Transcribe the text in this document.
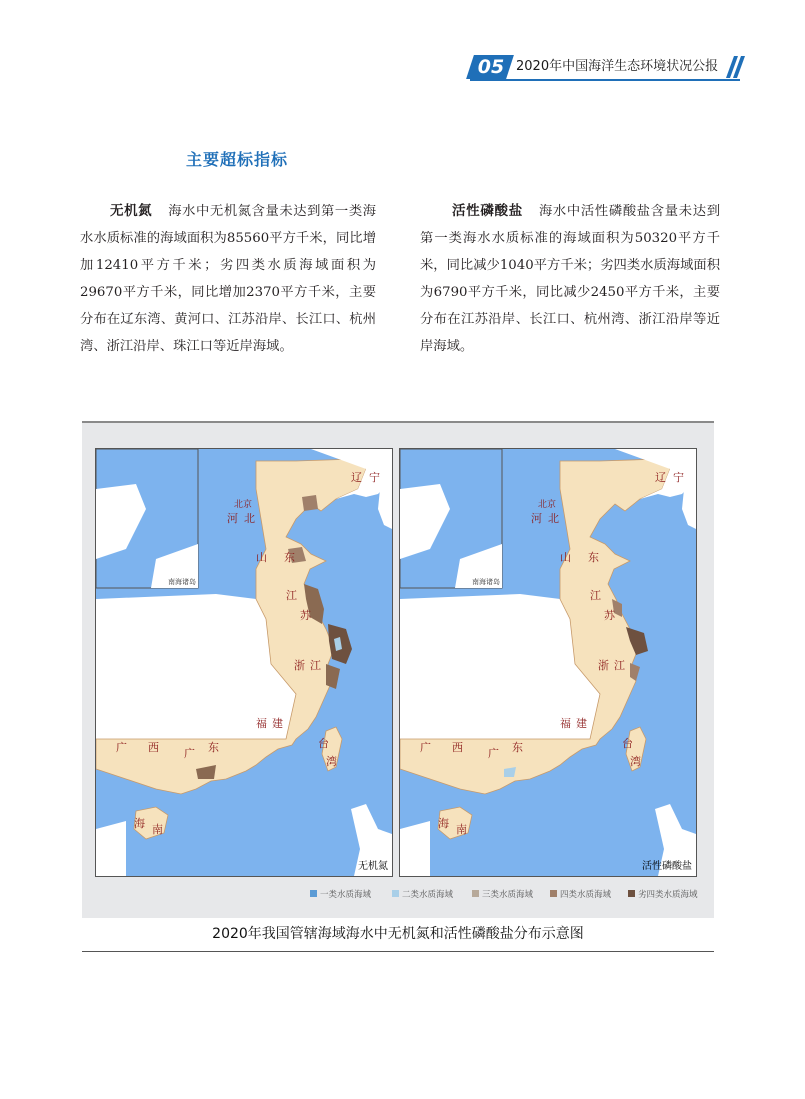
05 2020年中国海洋生态环境状况公报
主要超标指标
无机氮 海水中无机氮含量未达到第一类海水水质标准的海域面积为85560平方千米，同比增加12410平方千米；劣四类水质海域面积为29670平方千米，同比增加2370平方千米，主要分布在辽东湾、黄河口、江苏沿岸、长江口、杭州湾、浙江沿岸、珠江口等近岸海域。
活性磷酸盐 海水中活性磷酸盐含量未达到第一类海水水质标准的海域面积为50320平方千米，同比减少1040平方千米；劣四类水质海域面积为6790平方千米，同比减少2450平方千米，主要分布在江苏沿岸、长江口、杭州湾、浙江沿岸等近岸海域。
南海诸岛
辽 宁
北京
河 北
山 东
江
苏
浙 江
福 建
广 西 广 东	台
湾
海 南
无机氮
南海诸岛
辽 宁
北京
河 北
山 东
江
苏
浙 江
福 建
广 西 广 东	台
湾
海 南
活性磷酸盐
一类水质海域	二类水质海域	三类水质海域	四类水质海域	劣四类水质海域
2020年我国管辖海域海水中无机氮和活性磷酸盐分布示意图
